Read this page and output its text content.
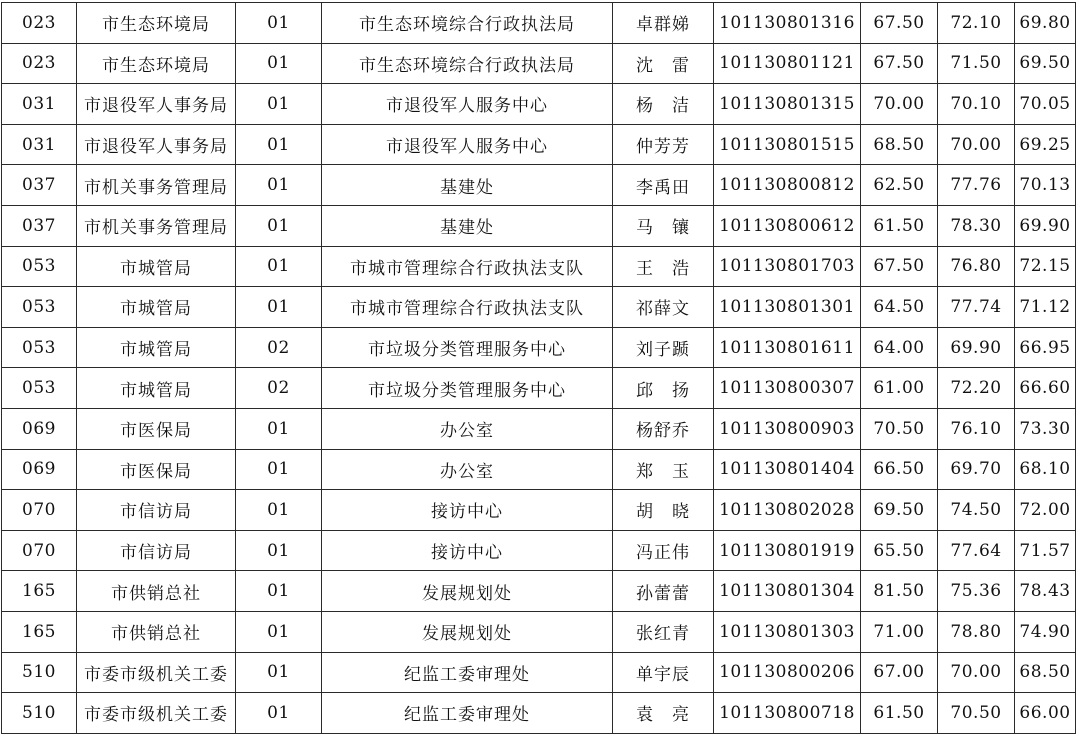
023	市生态环境局	01	市生态环境综合行政执法局	卓群娣	101130801316	67.50	72.10	69.80
023	市生态环境局	01	市生态环境综合行政执法局	沈　雷	101130801121	67.50	71.50	69.50
031	市退役军人事务局	01	市退役军人服务中心	杨　洁	101130801315	70.00	70.10	70.05
031	市退役军人事务局	01	市退役军人服务中心	仲芳芳	101130801515	68.50	70.00	69.25
037	市机关事务管理局	01	基建处	李禹田	101130800812	62.50	77.76	70.13
037	市机关事务管理局	01	基建处	马　镶	101130800612	61.50	78.30	69.90
053	市城管局	01	市城市管理综合行政执法支队	王　浩	101130801703	67.50	76.80	72.15
053	市城管局	01	市城市管理综合行政执法支队	祁薛文	101130801301	64.50	77.74	71.12
053	市城管局	02	市垃圾分类管理服务中心	刘子踬	101130801611	64.00	69.90	66.95
053	市城管局	02	市垃圾分类管理服务中心	邱　扬	101130800307	61.00	72.20	66.60
069	市医保局	01	办公室	杨舒乔	101130800903	70.50	76.10	73.30
069	市医保局	01	办公室	郑　玉	101130801404	66.50	69.70	68.10
070	市信访局	01	接访中心	胡　晓	101130802028	69.50	74.50	72.00
070	市信访局	01	接访中心	冯正伟	101130801919	65.50	77.64	71.57
165	市供销总社	01	发展规划处	孙蕾蕾	101130801304	81.50	75.36	78.43
165	市供销总社	01	发展规划处	张红青	101130801303	71.00	78.80	74.90
510	市委市级机关工委	01	纪监工委审理处	单宇辰	101130800206	67.00	70.00	68.50
510	市委市级机关工委	01	纪监工委审理处	袁　亮	101130800718	61.50	70.50	66.00
